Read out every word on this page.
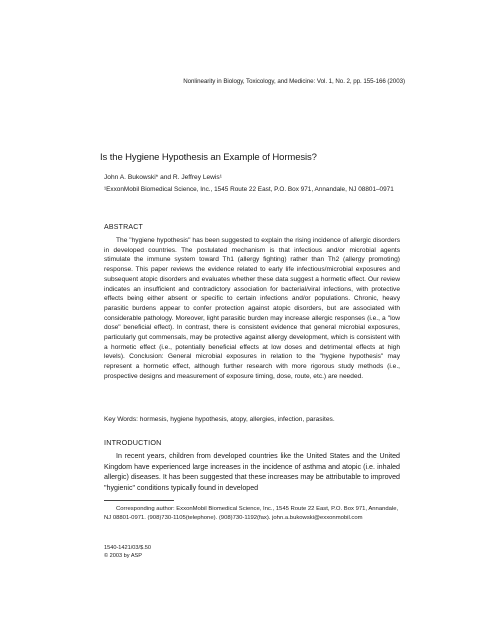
Nonlinearity in Biology, Toxicology, and Medicine: Vol. 1, No. 2, pp. 155-166 (2003)
Is the Hygiene Hypothesis an Example of Hormesis?
John A. Bukowski* and R. Jeffrey Lewis¹
¹ExxonMobil Biomedical Science, Inc., 1545 Route 22 East, P.O. Box 971, Annandale, NJ 08801–0971
ABSTRACT

The "hygiene hypothesis" has been suggested to explain the rising incidence of allergic disorders in developed countries. The postulated mechanism is that infectious and/or microbial agents stimulate the immune system toward Th1 (allergy fighting) rather than Th2 (allergy promoting) response. This paper reviews the evidence related to early life infectious/microbial exposures and subsequent atopic disorders and evaluates whether these data suggest a hormetic effect. Our review indicates an insufficient and contradictory association for bacterial/viral infections, with protective effects being either absent or specific to certain infections and/or populations. Chronic, heavy parasitic burdens appear to confer protection against atopic disorders, but are associated with considerable pathology. Moreover, light parasitic burden may increase allergic responses (i.e., a "low dose" beneficial effect). In contrast, there is consistent evidence that general microbial exposures, particularly gut commensals, may be protective against allergy development, which is consistent with a hormetic effect (i.e., potentially beneficial effects at low doses and detrimental effects at high levels). Conclusion: General microbial exposures in relation to the "hygiene hypothesis" may represent a hormetic effect, although further research with more rigorous study methods (i.e., prospective designs and measurement of exposure timing, dose, route, etc.) are needed.

Key Words: hormesis, hygiene hypothesis, atopy, allergies, infection, parasites.
INTRODUCTION

In recent years, children from developed countries like the United States and the United Kingdom have experienced large increases in the incidence of asthma and atopic (i.e. inhaled allergic) diseases. It has been suggested that these increases may be attributable to improved "hygienic" conditions typically found in developed

Corresponding author: ExxonMobil Biomedical Science, Inc., 1545 Route 22 East, P.O. Box 971, Annandale, NJ 08801-0971. (908)730-1105(telephone). (908)730-1192(fax). john.a.bukowski@exxonmobil.com

1540-1421/03/$.50
© 2003 by ASP
